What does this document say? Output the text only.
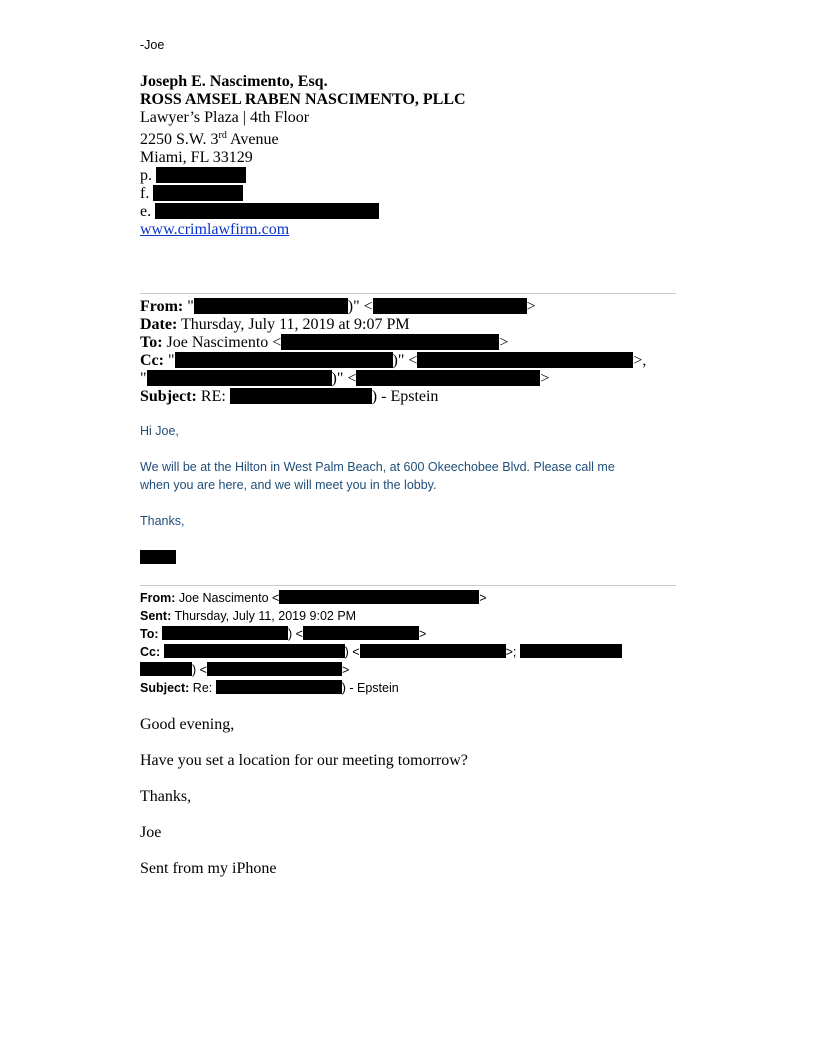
-Joe
Joseph E. Nascimento, Esq.
ROSS AMSEL RABEN NASCIMENTO, PLLC
Lawyer’s Plaza | 4th Floor
2250 S.W. 3rd Avenue
Miami, FL 33129
p.
f.
e.
www.crimlawfirm.com
From: "	)" <	>
Date: Thursday, July 11, 2019 at 9:07 PM
To: Joe Nascimento <	>
Cc: "	)" <	>,
"	)" <	>
Subject: RE:	) - Epstein
Hi Joe,
We will be at the Hilton in West Palm Beach, at 600 Okeechobee Blvd. Please call me
when you are here, and we will meet you in the lobby.
Thanks,
From: Joe Nascimento <	>
Sent: Thursday, July 11, 2019 9:02 PM
To:	) <	>
Cc:	) <	>;
) <	>
Subject: Re:	) - Epstein
Good evening,
Have you set a location for our meeting tomorrow?
Thanks,
Joe
Sent from my iPhone
